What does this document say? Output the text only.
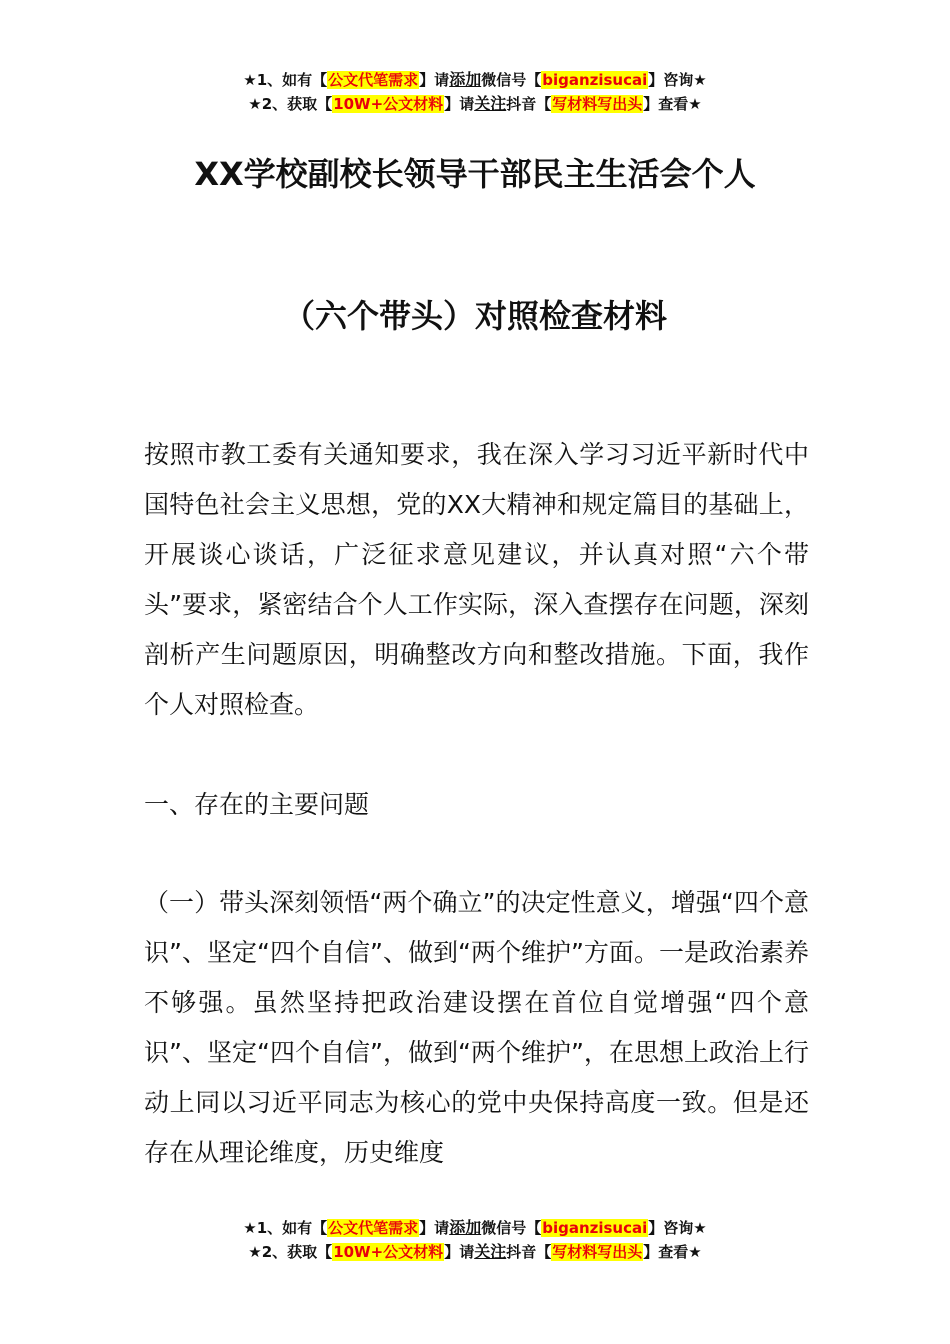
★1、如有【公文代笔需求】请添加微信号【biganzisucai】咨询★
★2、获取【10W+公文材料】请关注抖音【写材料写出头】查看★
XX学校副校长领导干部民主生活会个人
（六个带头）对照检查材料

按照市教工委有关通知要求，我在深入学习习近平新时代中国特色社会主义思想，党的XX大精神和规定篇目的基础上，开展谈心谈话，广泛征求意见建议，并认真对照“六个带头”要求，紧密结合个人工作实际，深入查摆存在问题，深刻剖析产生问题原因，明确整改方向和整改措施。下面，我作个人对照检查。

一、存在的主要问题

（一）带头深刻领悟“两个确立”的决定性意义，增强“四个意识”、坚定“四个自信”、做到“两个维护”方面。一是政治素养不够强。虽然坚持把政治建设摆在首位自觉增强“四个意识”、坚定“四个自信”，做到“两个维护”，在思想上政治上行动上同以习近平同志为核心的党中央保持高度一致。但是还存在从理论维度，历史维度

★1、如有【公文代笔需求】请添加微信号【biganzisucai】咨询★
★2、获取【10W+公文材料】请关注抖音【写材料写出头】查看★
